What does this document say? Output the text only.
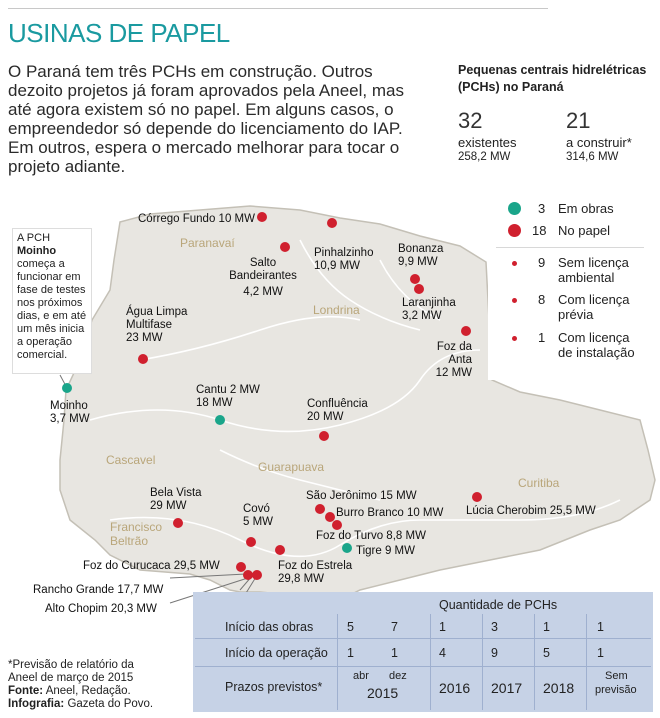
USINAS DE PAPEL
O Paraná tem três PCHs em construção. Outros dezoito projetos já foram aprovados pela Aneel, mas até agora existem só no papel. Em alguns casos, o empreendedor só depende do licenciamento do IAP. Em outros, espera o mercado melhorar para tocar o projeto adiante.
Pequenas centrais hidrelétricas
(PCHs) no Paraná
32
existentes
258,2 MW
21
a construir*
314,6 MW
Paranavaí
Londrina
Cascavel	Guarapuava
Curitiba
Francisco Beltrão
Córrego Fundo 10 MW
Salto Bandeirantes
4,2 MW
Pinhalzinho
10,9 MW
Bonanza
9,9 MW
Laranjinha
3,2 MW
Foz da Anta
12 MW
Água Limpa Multifase
23 MW
Moinho
3,7 MW
Cantu 2 MW
18 MW	Confluência
20 MW
Bela Vista
29 MW	Covó
5 MW
São Jerônimo 15 MW
Burro Branco 10 MW
Foz do Turvo 8,8 MW
Tigre 9 MW
Lúcia Cherobim 25,5 MW
Foz do Curucaca 29,5 MW	Foz do Estrela
29,8 MW
Rancho Grande 17,7 MW
Alto Chopim 20,3 MW
A PCH Moinho começa a funcionar em fase de testes nos próximos dias, e em até um mês inicia a operação comercial.
3 Em obras
18 No papel
9 Sem licença
ambiental
8 Com licença
prévia
1 Com licença
de instalação
Quantidade de PCHs
Início das obras
Início da operação
Prazos previstos*
5	7	1	3	1	1
1	1	4	9	5	1
abr dez
2015	2016 2017 2018
Sem
previsão
*Previsão de relatório da
Aneel de março de 2015
Fonte: Aneel, Redação.
Infografia: Gazeta do Povo.
